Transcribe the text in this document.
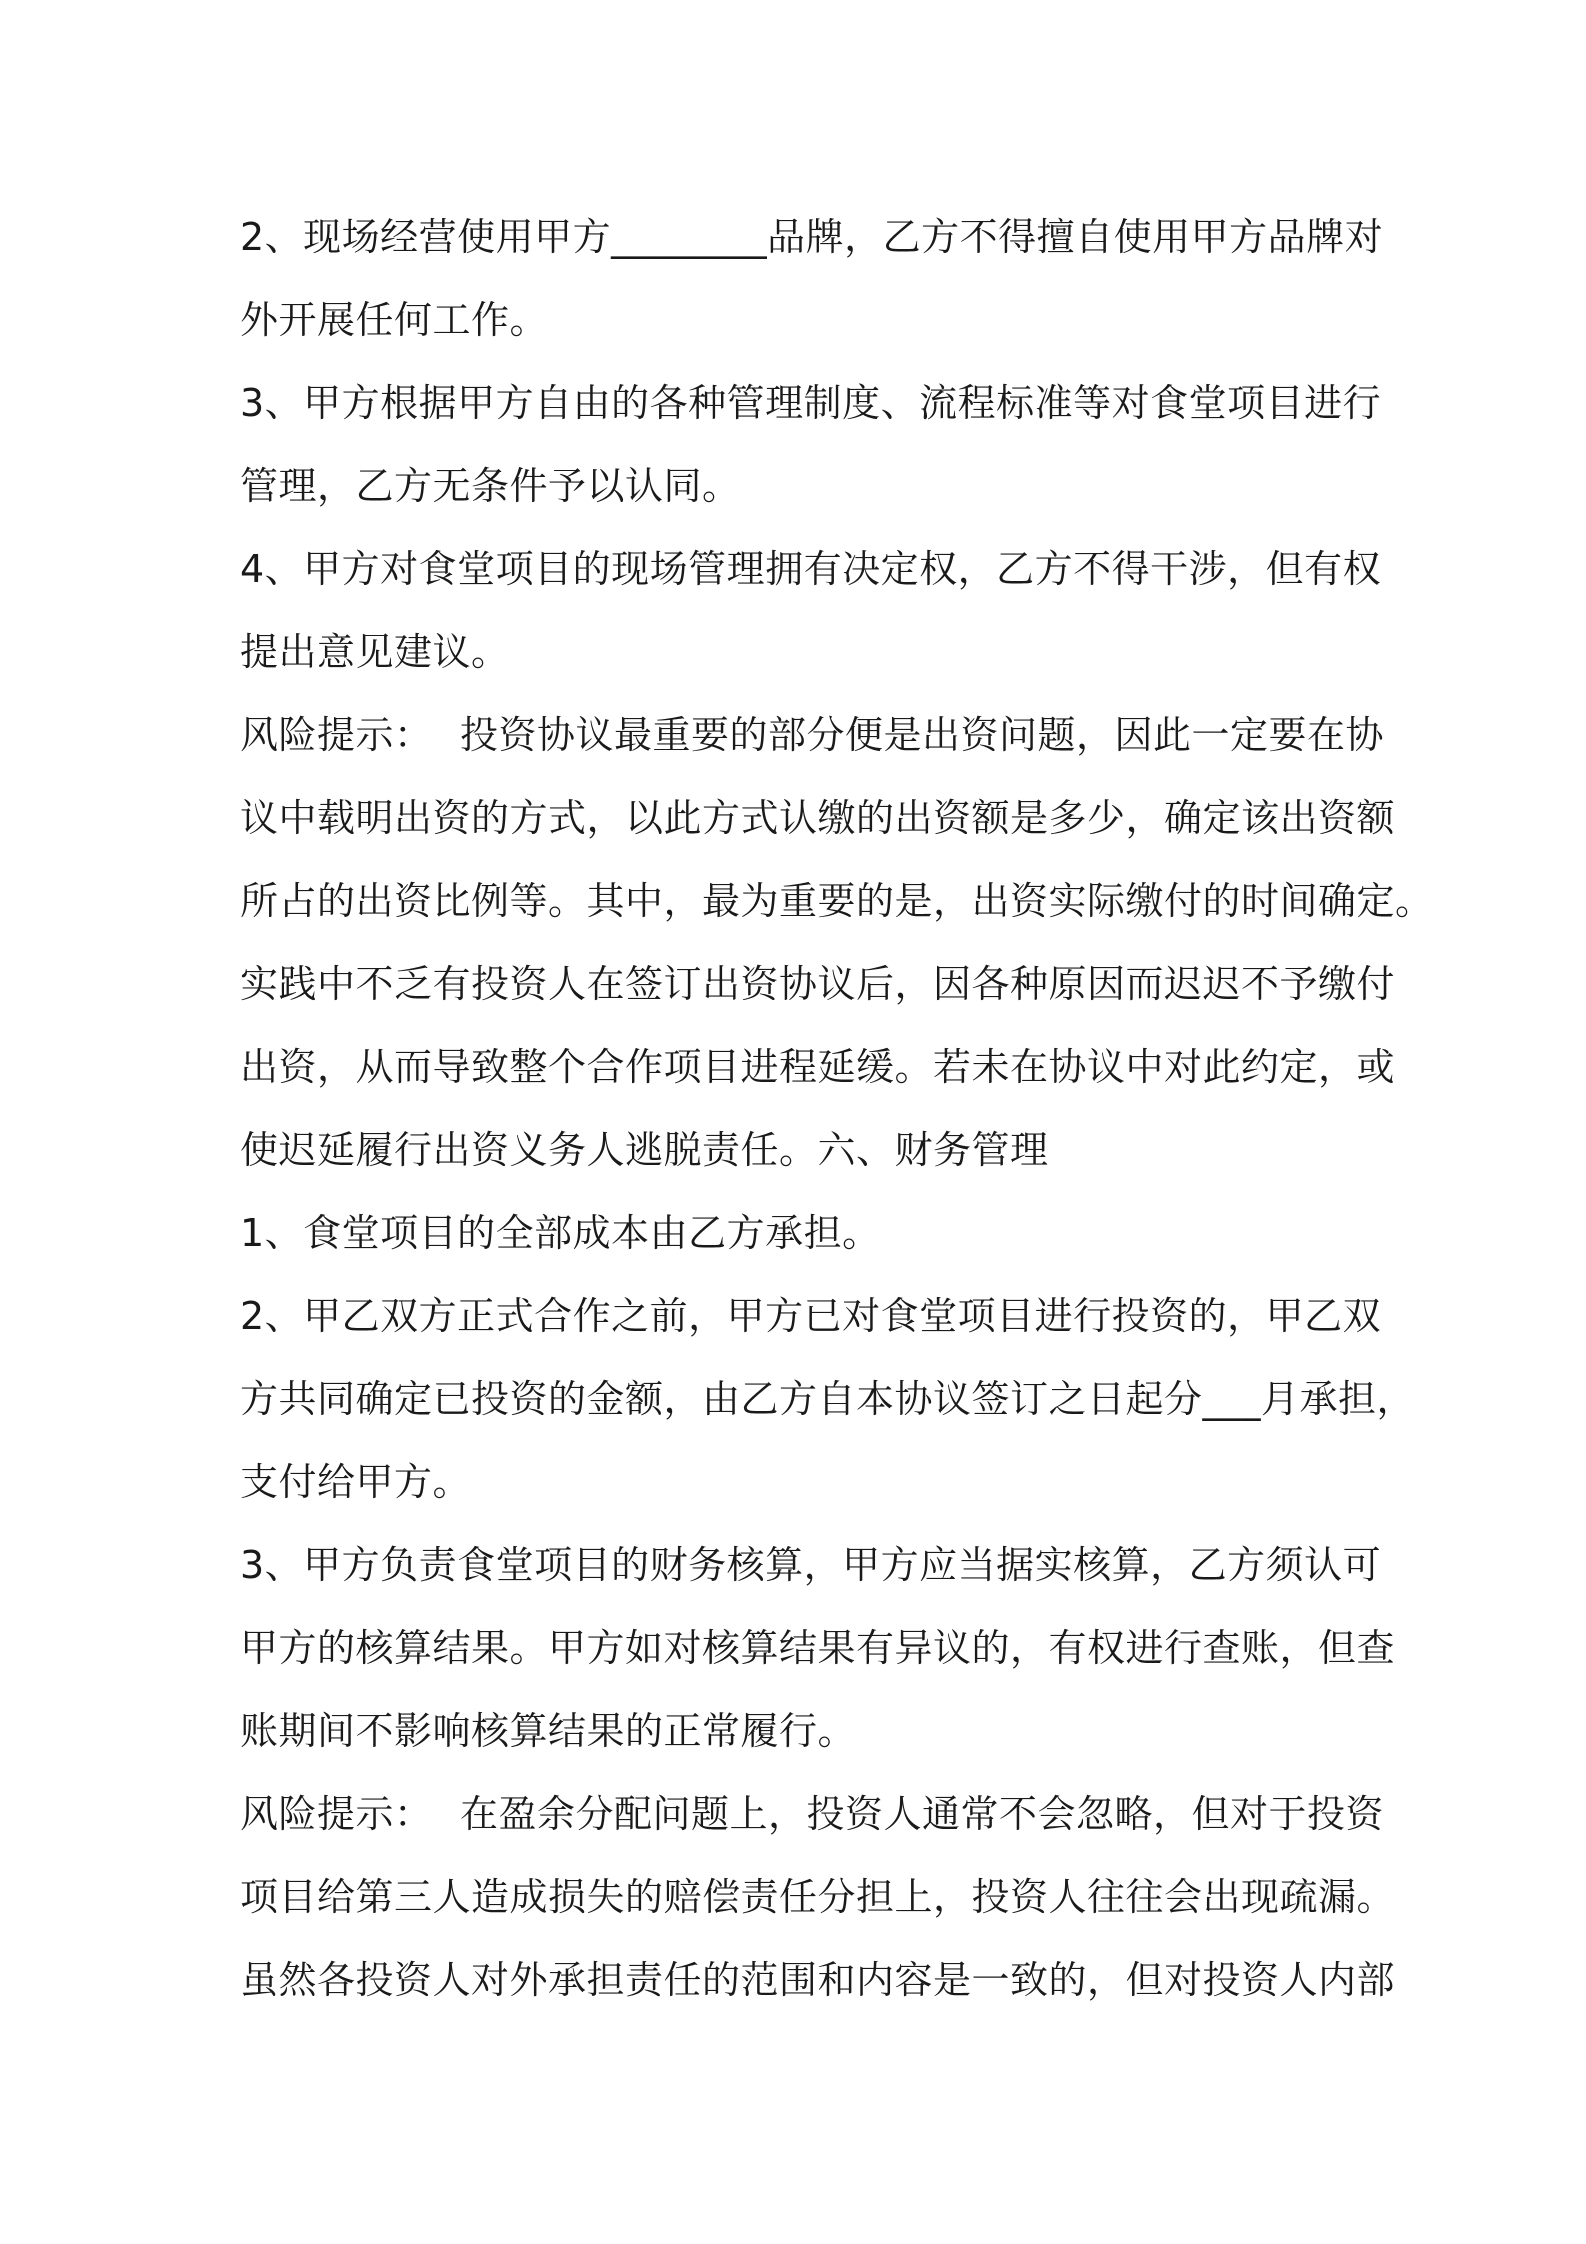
2、现场经营使用甲方________品牌，乙方不得擅自使用甲方品牌对
外开展任何工作。
3、甲方根据甲方自由的各种管理制度、流程标准等对食堂项目进行
管理，乙方无条件予以认同。
4、甲方对食堂项目的现场管理拥有决定权，乙方不得干涉，但有权
提出意见建议。
风险提示： 投资协议最重要的部分便是出资问题，因此一定要在协
议中载明出资的方式，以此方式认缴的出资额是多少，确定该出资额
所占的出资比例等。其中，最为重要的是，出资实际缴付的时间确定。
实践中不乏有投资人在签订出资协议后，因各种原因而迟迟不予缴付
出资，从而导致整个合作项目进程延缓。若未在协议中对此约定，或
使迟延履行出资义务人逃脱责任。六、财务管理
1、食堂项目的全部成本由乙方承担。
2、甲乙双方正式合作之前，甲方已对食堂项目进行投资的，甲乙双
方共同确定已投资的金额，由乙方自本协议签订之日起分___月承担，
支付给甲方。
3、甲方负责食堂项目的财务核算，甲方应当据实核算，乙方须认可
甲方的核算结果。甲方如对核算结果有异议的，有权进行查账，但查
账期间不影响核算结果的正常履行。
风险提示： 在盈余分配问题上，投资人通常不会忽略，但对于投资
项目给第三人造成损失的赔偿责任分担上，投资人往往会出现疏漏。
虽然各投资人对外承担责任的范围和内容是一致的，但对投资人内部
